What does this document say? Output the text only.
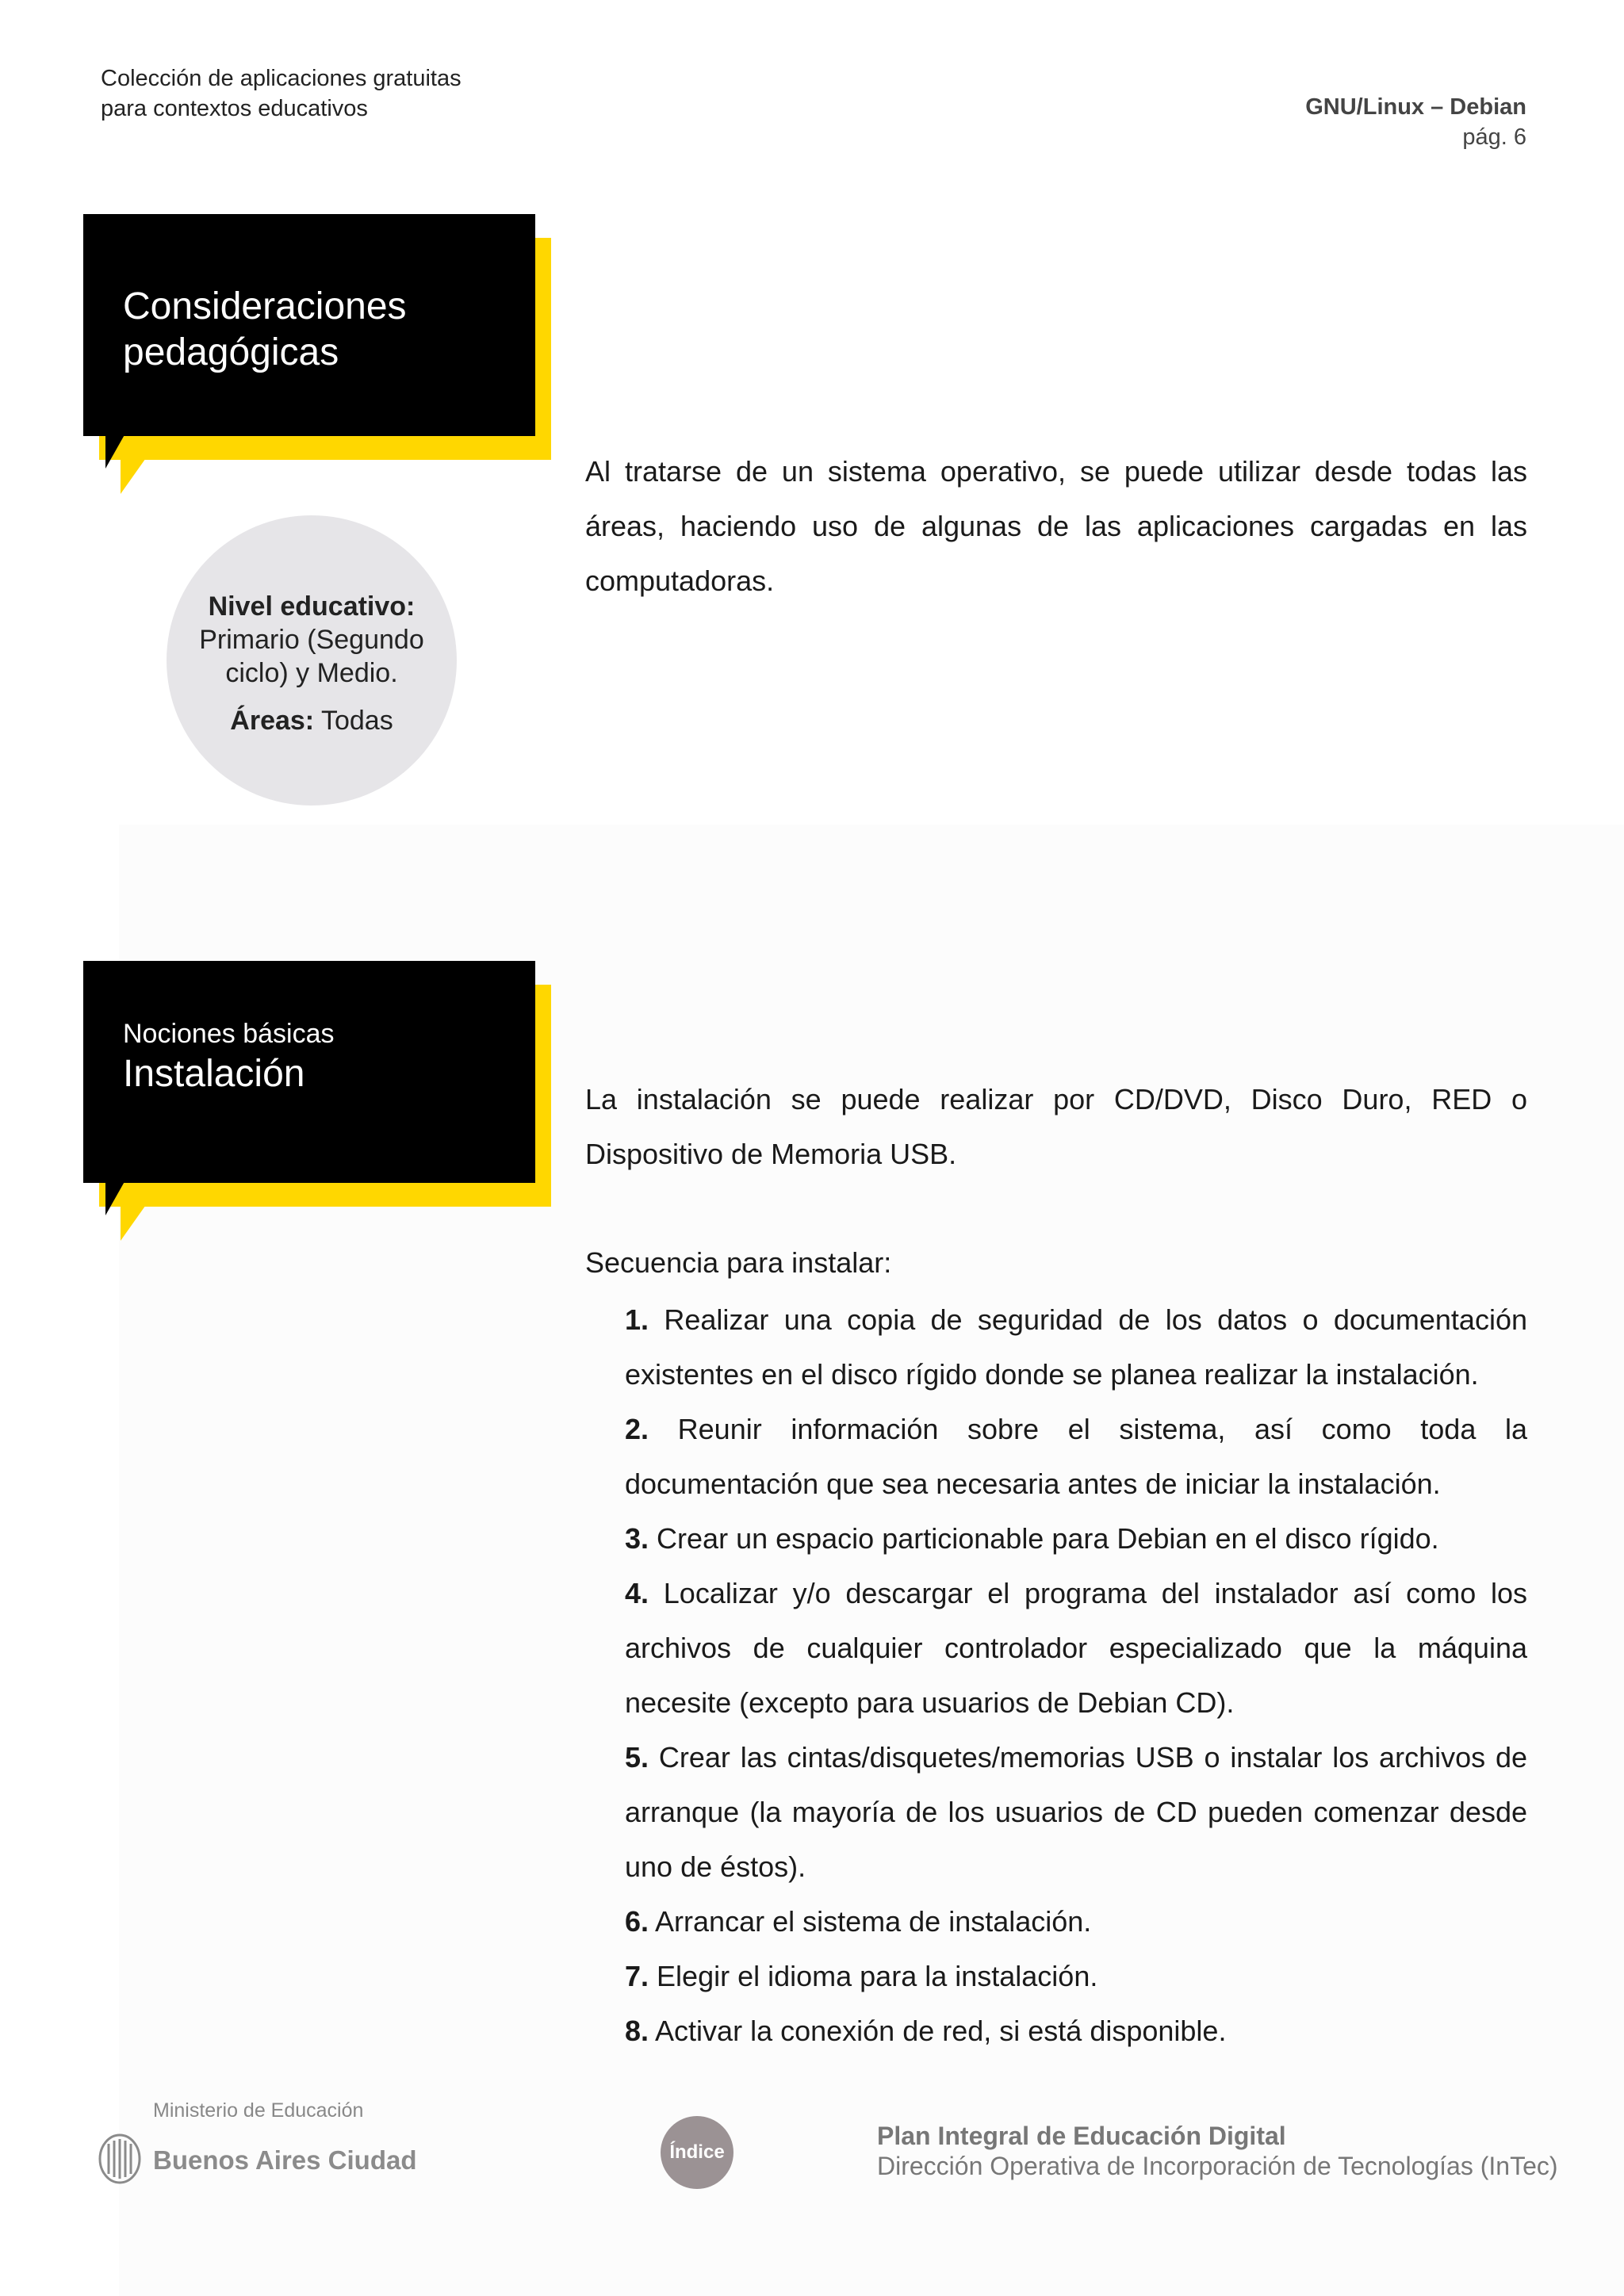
Colección de aplicaciones gratuitas
para contextos educativos	GNU/Linux – Debian
pág. 6
Consideraciones
pedagógicas
Al tratarse de un sistema operativo, se puede utilizar desde todas las áreas, haciendo uso de algunas de las aplicaciones cargadas en las computadoras.
Nivel educativo:
Primario (Segundo ciclo) y Medio.
Áreas: Todas
Nociones básicas
Instalación
La instalación se puede realizar por CD/DVD, Disco Duro, RED o Dispositivo de Memoria USB.
Secuencia para instalar:
1. Realizar una copia de seguridad de los datos o documentación existentes en el disco rígido donde se planea realizar la instalación.
2. Reunir información sobre el sistema, así como toda la documentación que sea necesaria antes de iniciar la instalación.
3. Crear un espacio particionable para Debian en el disco rígido.
4. Localizar y/o descargar el programa del instalador así como los archivos de cualquier controlador especializado que la máquina necesite (excepto para usuarios de Debian CD).
5. Crear las cintas/disquetes/memorias USB o instalar los archivos de arranque (la mayoría de los usuarios de CD pueden comenzar desde uno de éstos).
6. Arrancar el sistema de instalación.
7. Elegir el idioma para la instalación.
8. Activar la conexión de red, si está disponible.
Ministerio de Educación
Buenos Aires Ciudad	Índice
Plan Integral de Educación Digital
Dirección Operativa de Incorporación de Tecnologías (InTec)
